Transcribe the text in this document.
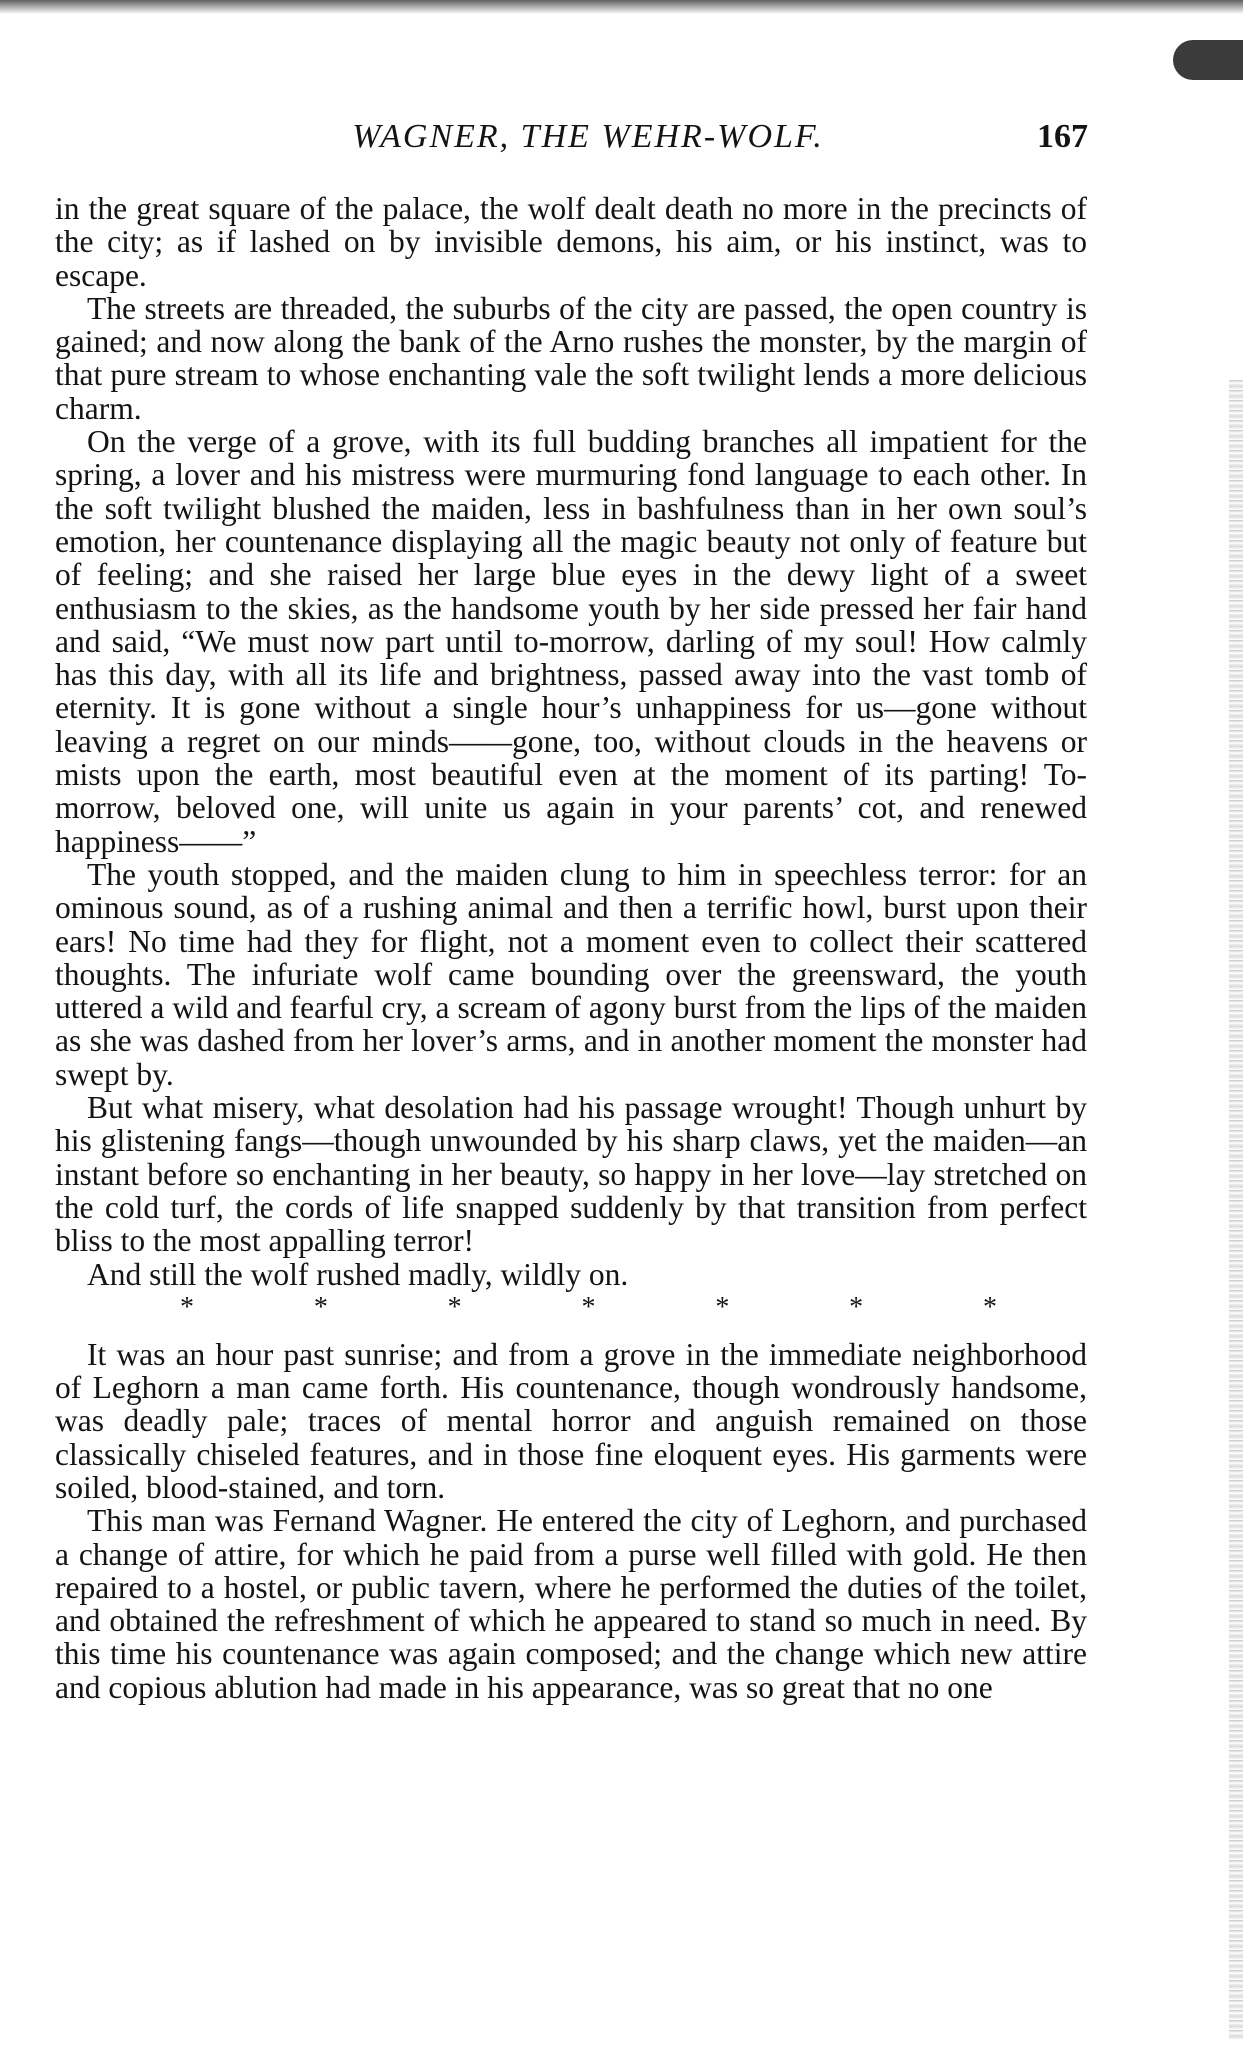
WAGNER, THE WEHR-WOLF.	167

in the great square of the palace, the wolf dealt death no more in the precincts of the city; as if lashed on by invisible demons, his aim, or his instinct, was to escape.

The streets are threaded, the suburbs of the city are passed, the open country is gained; and now along the bank of the Arno rushes the monster, by the margin of that pure stream to whose enchanting vale the soft twilight lends a more delicious charm.

On the verge of a grove, with its full budding branches all impatient for the spring, a lover and his mistress were murmuring fond language to each other. In the soft twilight blushed the maiden, less in bashfulness than in her own soul’s emotion, her countenance displaying all the magic beauty not only of feature but of feeling; and she raised her large blue eyes in the dewy light of a sweet enthusiasm to the skies, as the handsome youth by her side pressed her fair hand and said, “We must now part until to-morrow, darling of my soul! How calmly has this day, with all its life and brightness, passed away into the vast tomb of eternity. It is gone without a single hour’s unhappiness for us—gone without leaving a regret on our minds——gone, too, without clouds in the heavens or mists upon the earth, most beautiful even at the moment of its parting! To-morrow, beloved one, will unite us again in your parents’ cot, and renewed happiness——”

The youth stopped, and the maiden clung to him in speechless terror: for an ominous sound, as of a rushing animal and then a terrific howl, burst upon their ears! No time had they for flight, not a moment even to collect their scattered thoughts. The infuriate wolf came bounding over the greensward, the youth uttered a wild and fearful cry, a scream of agony burst from the lips of the maiden as she was dashed from her lover’s arms, and in another moment the monster had swept by.

But what misery, what desolation had his passage wrought! Though unhurt by his glistening fangs—though unwounded by his sharp claws, yet the maiden—an instant before so enchanting in her beauty, so happy in her love—lay stretched on the cold turf, the cords of life snapped suddenly by that transition from perfect bliss to the most appalling terror!

And still the wolf rushed madly, wildly on.

*	*	*	*	*	*	*

It was an hour past sunrise; and from a grove in the immediate neighborhood of Leghorn a man came forth. His countenance, though wondrously handsome, was deadly pale; traces of mental horror and anguish remained on those classically chiseled features, and in those fine eloquent eyes. His garments were soiled, blood-stained, and torn.

This man was Fernand Wagner. He entered the city of Leghorn, and purchased a change of attire, for which he paid from a purse well filled with gold. He then repaired to a hostel, or public tavern, where he performed the duties of the toilet, and obtained the refreshment of which he appeared to stand so much in need. By this time his countenance was again composed; and the change which new attire and copious ablution had made in his appearance, was so great that no one
